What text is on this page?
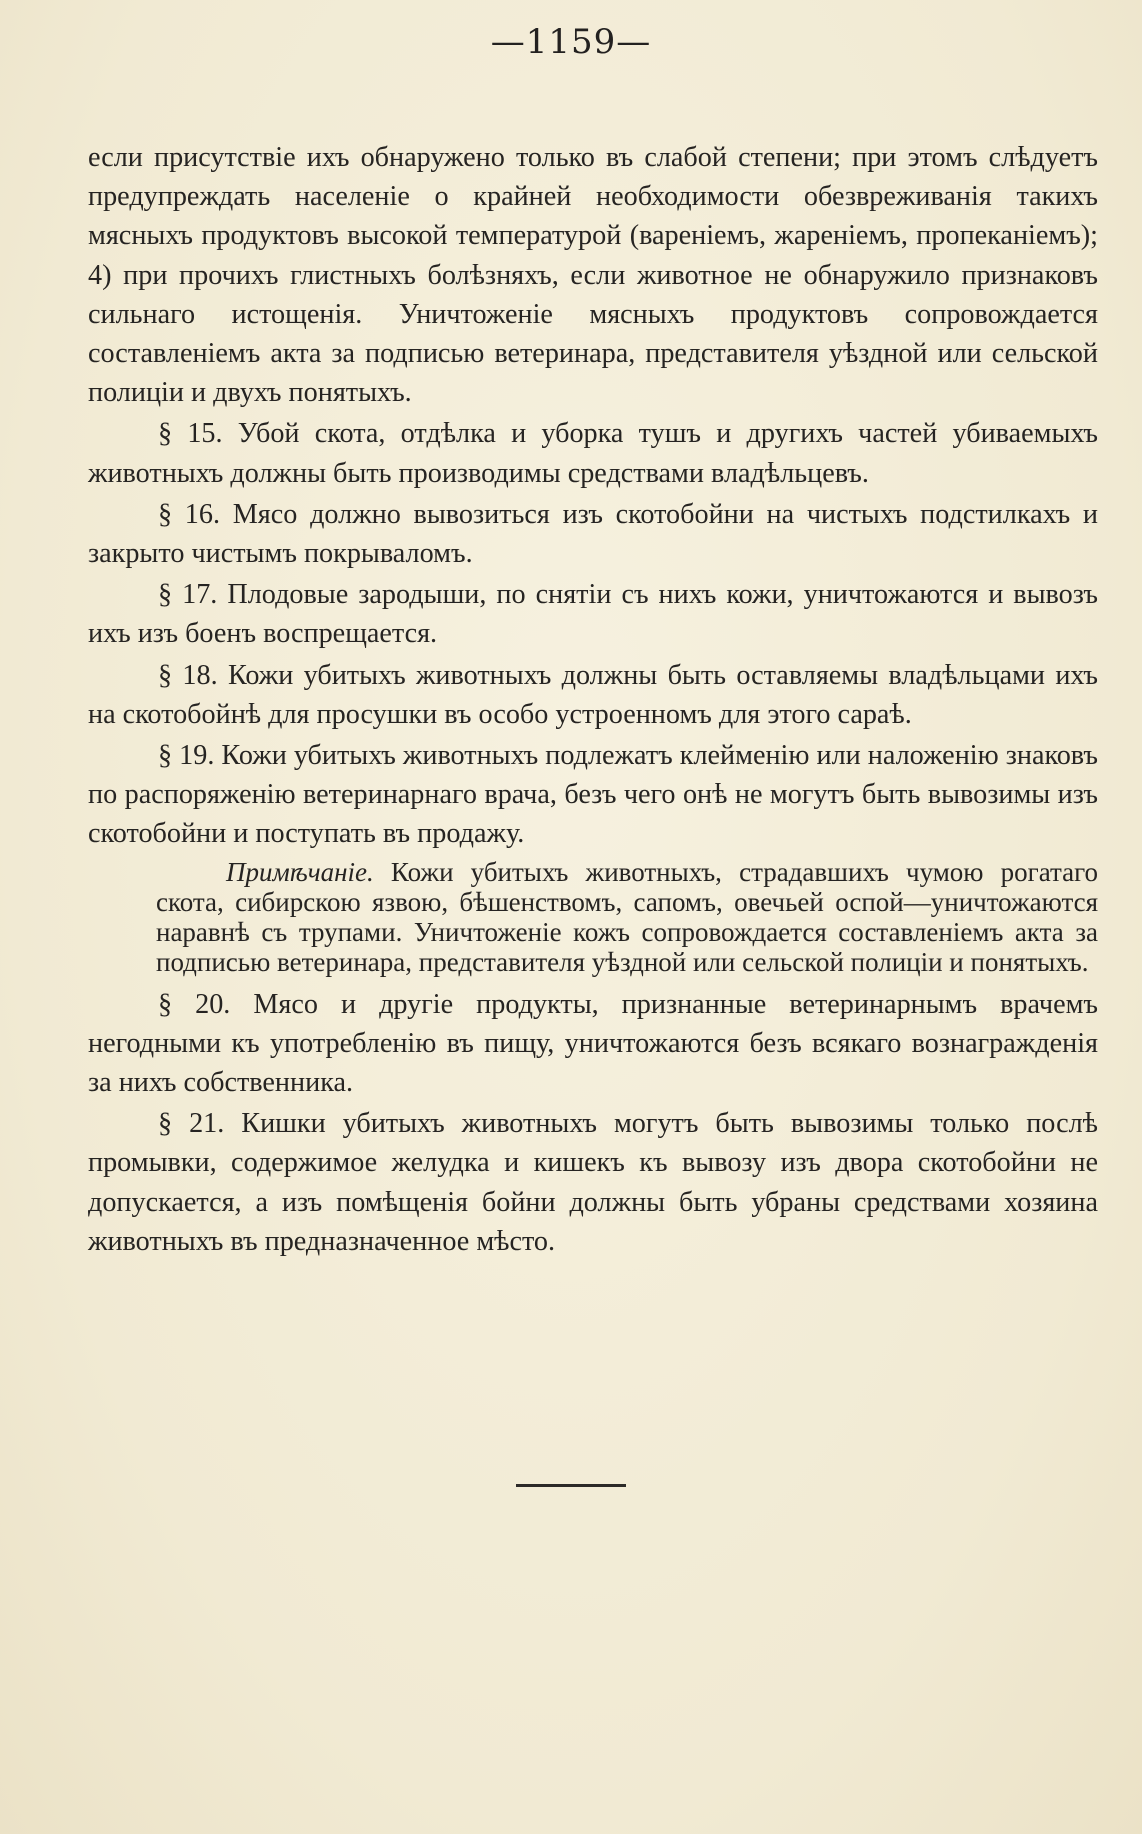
—1159—

если присутствіе ихъ обнаружено только въ слабой степени; при этомъ слѣдуетъ предупреждать населеніе о крайней необходимости обезвреживанія такихъ мясныхъ продуктовъ высокой температурой (вареніемъ, жареніемъ, пропеканіемъ); 4) при прочихъ глистныхъ болѣзняхъ, если животное не обнаружило признаковъ сильнаго истощенія. Уничтоженіе мясныхъ продуктовъ сопровождается составленіемъ акта за подписью ветеринара, представителя уѣздной или сельской полиціи и двухъ понятыхъ.

§ 15. Убой скота, отдѣлка и уборка тушъ и другихъ частей убиваемыхъ животныхъ должны быть производимы средствами владѣльцевъ.

§ 16. Мясо должно вывозиться изъ скотобойни на чистыхъ подстилкахъ и закрыто чистымъ покрываломъ.

§ 17. Плодовые зародыши, по снятіи съ нихъ кожи, уничтожаются и вывозъ ихъ изъ боенъ воспрещается.

§ 18. Кожи убитыхъ животныхъ должны быть оставляемы владѣльцами ихъ на скотобойнѣ для просушки въ особо устроенномъ для этого сараѣ.

§ 19. Кожи убитыхъ животныхъ подлежатъ клейменію или наложенію знаковъ по распоряженію ветеринарнаго врача, безъ чего онѣ не могутъ быть вывозимы изъ скотобойни и поступать въ продажу.

Примѣчаніе. Кожи убитыхъ животныхъ, страдавшихъ чумою рогатаго скота, сибирскою язвою, бѣшенствомъ, сапомъ, овечьей оспой—уничтожаются наравнѣ съ трупами. Уничтоженіе кожъ сопровождается составленіемъ акта за подписью ветеринара, представителя уѣздной или сельской полиціи и понятыхъ.

§ 20. Мясо и другіе продукты, признанные ветеринарнымъ врачемъ негодными къ употребленію въ пищу, уничтожаются безъ всякаго вознагражденія за нихъ собственника.

§ 21. Кишки убитыхъ животныхъ могутъ быть вывозимы только послѣ промывки, содержимое желудка и кишекъ къ вывозу изъ двора скотобойни не допускается, а изъ помѣщенія бойни должны быть убраны средствами хозяина животныхъ въ предназначенное мѣсто.
